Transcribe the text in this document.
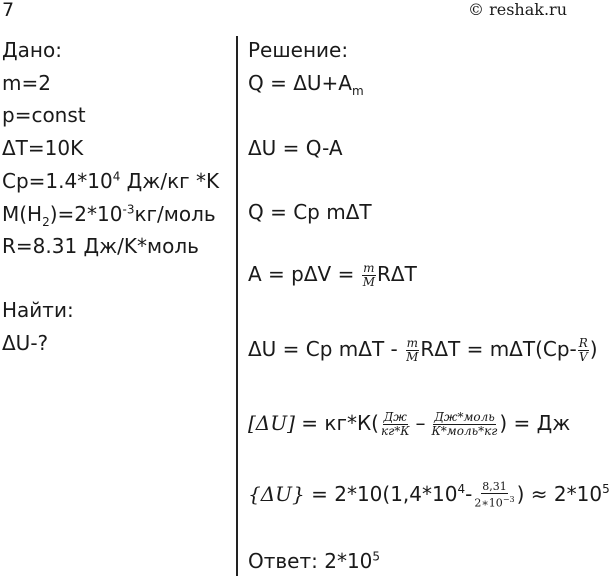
7	© reshak.ru
Дано:
m=2
p=const
ΔT=10K
$Cp=1.4*10^4$ Дж/кг *K
$M(H_2)=2*10^{-3}кг$/моль
R=8.31 Дж/K*моль
Найти:
ΔU-?
Решение:
$Q = \Delta U+A_m$
ΔU = Q-A
Q = Cp mΔT
$A = p\Delta V = \frac{m}{M}$ RΔT
ΔU = Cp mΔT - $\frac{m}{M}$ $R\Delta T = m\Delta T(Cp- \frac{R}{V}$ )
$[\Delta U] = кг*К( \frac{Дж}{кг*К} - \frac{\text{Дж*моль}}{\text{К*моль*кг}}$ ) = Дж
$\{\Delta U\} = 2*10(1,4*10^4- \frac{8,31}{2∗10^{-3}}$ ) ≈ $2*10^5$
Ответ: $2*10^5$
